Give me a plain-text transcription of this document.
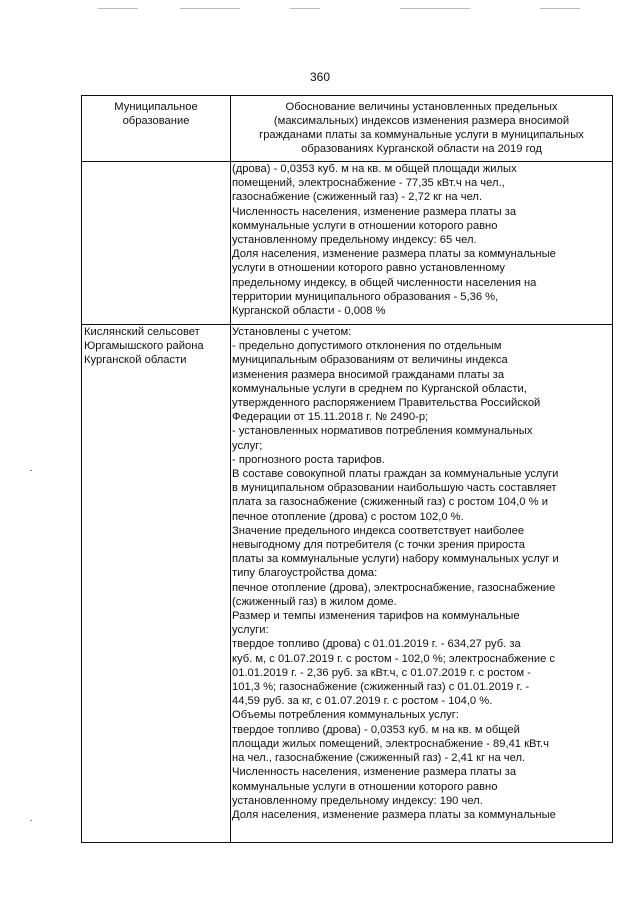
360
Муниципальное образование
Обоснование величины установленных предельных (максимальных) индексов изменения размера вносимой гражданами платы за коммунальные услуги в муниципальных образованиях Курганской области на 2019 год
(дрова) - 0,0353 куб. м на кв. м общей площади жилых
помещений, электроснабжение - 77,35 кВт.ч на чел.,
газоснабжение (сжиженный газ) - 2,72 кг на чел.
Численность населения, изменение размера платы за
коммунальные услуги в отношении которого равно
установленному предельному индексу: 65 чел.
Доля населения, изменение размера платы за коммунальные
услуги в отношении которого равно установленному
предельному индексу, в общей численности населения на
территории муниципального образования - 5,36 %,
Курганской области - 0,008 %
Кислянский сельсовет Юргамышского района Курганской области
Установлены с учетом:
- предельно допустимого отклонения по отдельным
муниципальным образованиям от величины индекса
изменения размера вносимой гражданами платы за
коммунальные услуги в среднем по Курганской области,
утвержденного распоряжением Правительства Российской
Федерации от 15.11.2018 г. № 2490-р;
- установленных нормативов потребления коммунальных
услуг;
- прогнозного роста тарифов.
В составе совокупной платы граждан за коммунальные услуги
в муниципальном образовании наибольшую часть составляет
плата за газоснабжение (сжиженный газ) с ростом 104,0 % и
печное отопление (дрова) с ростом 102,0 %.
Значение предельного индекса соответствует наиболее
невыгодному для потребителя (с точки зрения прироста
платы за коммунальные услуги) набору коммунальных услуг и
типу благоустройства дома:
печное отопление (дрова), электроснабжение, газоснабжение
(сжиженный газ) в жилом доме.
Размер и темпы изменения тарифов на коммунальные
услуги:
твердое топливо (дрова) с 01.01.2019 г. - 634,27 руб. за
куб. м, с 01.07.2019 г. с ростом - 102,0 %; электроснабжение с
01.01.2019 г. - 2,36 руб. за кВт.ч, с 01.07.2019 г. с ростом -
101,3 %; газоснабжение (сжиженный газ) с 01.01.2019 г. -
44,59 руб. за кг, с 01.07.2019 г. с ростом - 104,0 %.
Объемы потребления коммунальных услуг:
твердое топливо (дрова) - 0,0353 куб. м на кв. м общей
площади жилых помещений, электроснабжение - 89,41 кВт.ч
на чел., газоснабжение (сжиженный газ) - 2,41 кг на чел.
Численность населения, изменение размера платы за
коммунальные услуги в отношении которого равно
установленному предельному индексу: 190 чел.
Доля населения, изменение размера платы за коммунальные
